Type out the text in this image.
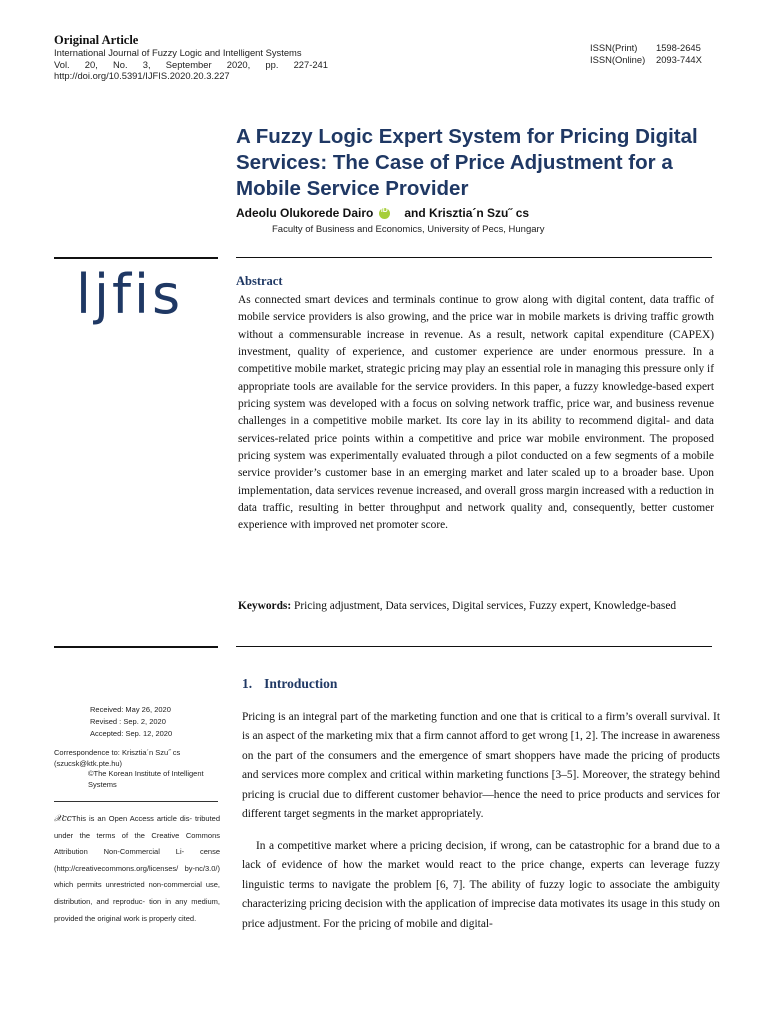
Original Article
International Journal of Fuzzy Logic and Intelligent Systems
Vol. 20, No. 3, September 2020, pp. 227-241
http://doi.org/10.5391/IJFIS.2020.20.3.227
ISSN(Print)	1598-2645
ISSN(Online)	2093-744X
A Fuzzy Logic Expert System for Pricing Digital Services: The Case of Price Adjustment for a Mobile Service Provider
Adeolu Olukorede Dairo
iD	and Krisztia´n Szu˝ cs
Faculty of Business and Economics, University of Pecs, Hungary
ljfis	Abstract

As connected smart devices and terminals continue to grow along with digital content, data traffic of mobile service providers is also growing, and the price war in mobile markets is driving traffic growth without a commensurable increase in revenue. As a result, network capital expenditure (CAPEX) investment, quality of experience, and customer experience are under enormous pressure. In a competitive mobile market, strategic pricing may play an essential role in managing this pressure only if appropriate tools are available for the service providers. In this paper, a fuzzy knowledge-based expert pricing system was developed with a focus on solving network traffic, price war, and business revenue challenges in a competitive mobile market. Its core lay in its ability to recommend digital- and data services-related price points within a competitive and price war mobile environment. The proposed pricing system was experimentally evaluated through a pilot conducted on a few segments of a mobile service provider’s customer base in an emerging market and later scaled up to a broader base. Upon implementation, data services revenue increased, and overall gross margin increased with a reduction in data traffic, resulting in better throughput and network quality and, consequently, better customer experience with improved net promoter score.

Keywords: Pricing adjustment, Data services, Digital services, Fuzzy expert, Knowledge-based
Received: May 26, 2020
Revised : Sep. 2, 2020
Accepted: Sep. 12, 2020
Correspondence to: Krisztia´n Szu˝ cs (szucsk@ktk.pte.hu)
©The Korean Institute of Intelligent Systems

𝒳ccThis is an Open Access article dis- tributed under the terms of the Creative Commons Attribution Non-Commercial Li- cense (http://creativecommons.org/licenses/ by-nc/3.0/) which permits unrestricted non-commercial use, distribution, and reproduc- tion in any medium, provided the original work is properly cited.

1. Introduction

Pricing is an integral part of the marketing function and one that is critical to a firm’s overall survival. It is an aspect of the marketing mix that a firm cannot afford to get wrong [1, 2]. The increase in awareness on the part of the consumers and the emergence of smart shoppers have made the pricing of products and services more complex and critical within marketing functions [3–5]. Moreover, the strategy behind pricing is crucial due to different customer behavior—hence the need to price products and services for different target segments in the market appropriately.

In a competitive market where a pricing decision, if wrong, can be catastrophic for a brand due to a lack of evidence of how the market would react to the price change, experts can leverage fuzzy linguistic terms to navigate the problem [6, 7]. The ability of fuzzy logic to associate the ambiguity characterizing pricing decision with the application of imprecise data motivates its usage in this study on price adjustment. For the pricing of mobile and digital-
